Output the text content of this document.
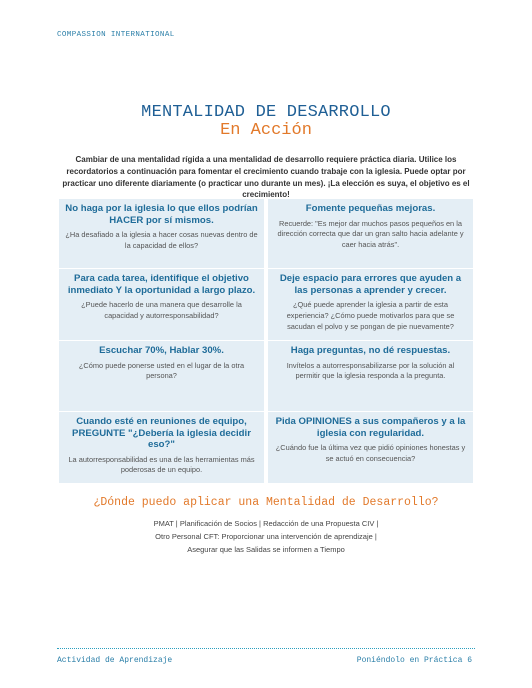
COMPASSION INTERNATIONAL
MENTALIDAD DE DESARROLLO
En Acción
Cambiar de una mentalidad rígida a una mentalidad de desarrollo requiere práctica diaria. Utilice los recordatorios a continuación para fomentar el crecimiento cuando trabaje con la iglesia. Puede optar por practicar uno diferente diariamente (o practicar uno durante un mes). ¡La elección es suya, el objetivo es el crecimiento!
No haga por la iglesia lo que ellos podrían HACER por sí mismos.

¿Ha desafiado a la iglesia a hacer cosas nuevas dentro de la capacidad de ellos?

Fomente pequeñas mejoras.

Recuerde: "Es mejor dar muchos pasos pequeños en la dirección correcta que dar un gran salto hacia adelante y caer hacia atrás".

Para cada tarea, identifique el objetivo inmediato Y la oportunidad a largo plazo.

¿Puede hacerlo de una manera que desarrolle la capacidad y autorresponsabilidad?

Deje espacio para errores que ayuden a las personas a aprender y crecer.

¿Qué puede aprender la iglesia a partir de esta experiencia? ¿Cómo puede motivarlos para que se sacudan el polvo y se pongan de pie nuevamente?

Escuchar 70%, Hablar 30%.

¿Cómo puede ponerse usted en el lugar de la otra persona?

Haga preguntas, no dé respuestas.

Invítelos a autorresponsabilizarse por la solución al permitir que la iglesia responda a la pregunta.

Cuando esté en reuniones de equipo, PREGUNTE "¿Debería la iglesia decidir eso?"

La autorresponsabilidad es una de las herramientas más poderosas de un equipo.

Pida OPINIONES a sus compañeros y a la iglesia con regularidad.

¿Cuándo fue la última vez que pidió opiniones honestas y se actuó en consecuencia?

¿Dónde puedo aplicar una Mentalidad de Desarrollo?
PMAT | Planificación de Socios | Redacción de una Propuesta CIV |
Otro Personal CFT: Proporcionar una intervención de aprendizaje |
Asegurar que las Salidas se informen a Tiempo
Actividad de Aprendizaje	Poniéndolo en Práctica 6
